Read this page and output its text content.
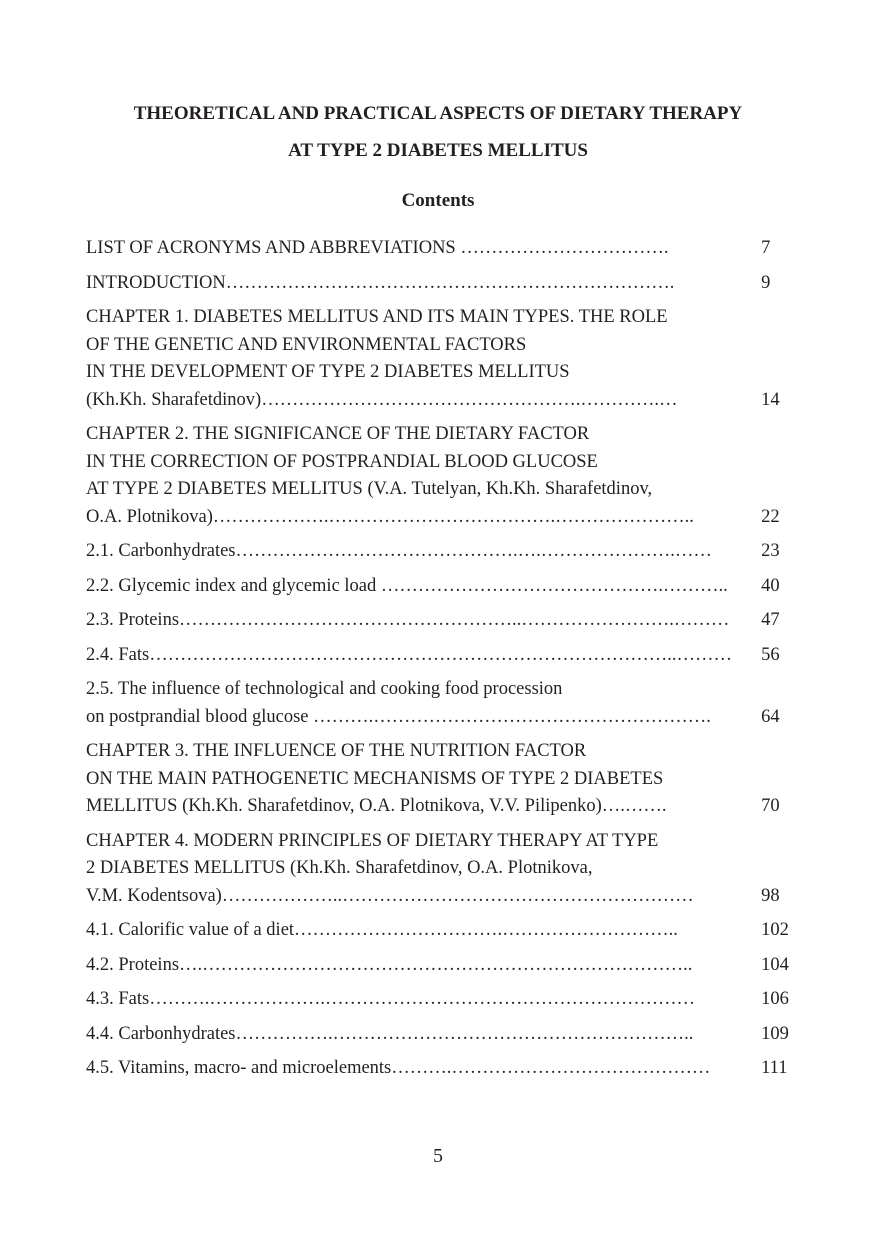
THEORETICAL AND PRACTICAL ASPECTS OF DIETARY THERAPY
AT TYPE 2 DIABETES MELLITUS
Contents
LIST OF ACRONYMS AND ABBREVIATIONS …………………………….	7
INTRODUCTION……………………………………………………………….	9
CHAPTER 1. DIABETES MELLITUS AND ITS MAIN TYPES. THE ROLE
OF THE GENETIC AND ENVIRONMENTAL FACTORS
IN THE DEVELOPMENT OF TYPE 2 DIABETES MELLITUS
(Kh.Kh. Sharafetdinov)…………………………………………….………….…	14
CHAPTER 2. THE SIGNIFICANCE OF THE DIETARY FACTOR
IN THE CORRECTION OF POSTPRANDIAL BLOOD GLUCOSE
AT TYPE 2 DIABETES MELLITUS (V.A. Tutelyan, Kh.Kh. Sharafetdinov,
O.A. Plotnikova)……………….……………………………….…………………..	22
2.1. Carbonhydrates……………………………………….….………………….……	23
2.2. Glycemic index and glycemic load ……………………………………….………..	40
2.3. Proteins………………………………………………..…………………….………	47
2.4. Fats…………………………………………………………………………..………	56
2.5. The influence of technological and cooking food procession
on postprandial blood glucose ……….……………………………………………….	64
CHAPTER 3. THE INFLUENCE OF THE NUTRITION FACTOR
ON THE MAIN PATHOGENETIC MECHANISMS OF TYPE 2 DIABETES
MELLITUS (Kh.Kh. Sharafetdinov, O.A. Plotnikova, V.V. Pilipenko)….…….	70
CHAPTER 4. MODERN PRINCIPLES OF DIETARY THERAPY AT TYPE
2 DIABETES MELLITUS (Kh.Kh. Sharafetdinov, O.A. Plotnikova,
V.M. Kodentsova)………………..…………………………………………………	98
4.1. Calorific value of a diet…………………………….………………………..	102
4.2. Proteins….……………………………………………………………………..	104
4.3. Fats……….……………….……………………………………………………	106
4.4. Carbonhydrates…………….…………………………………………………..	109
4.5. Vitamins, macro- and microelements……….……………………………………	111

5
